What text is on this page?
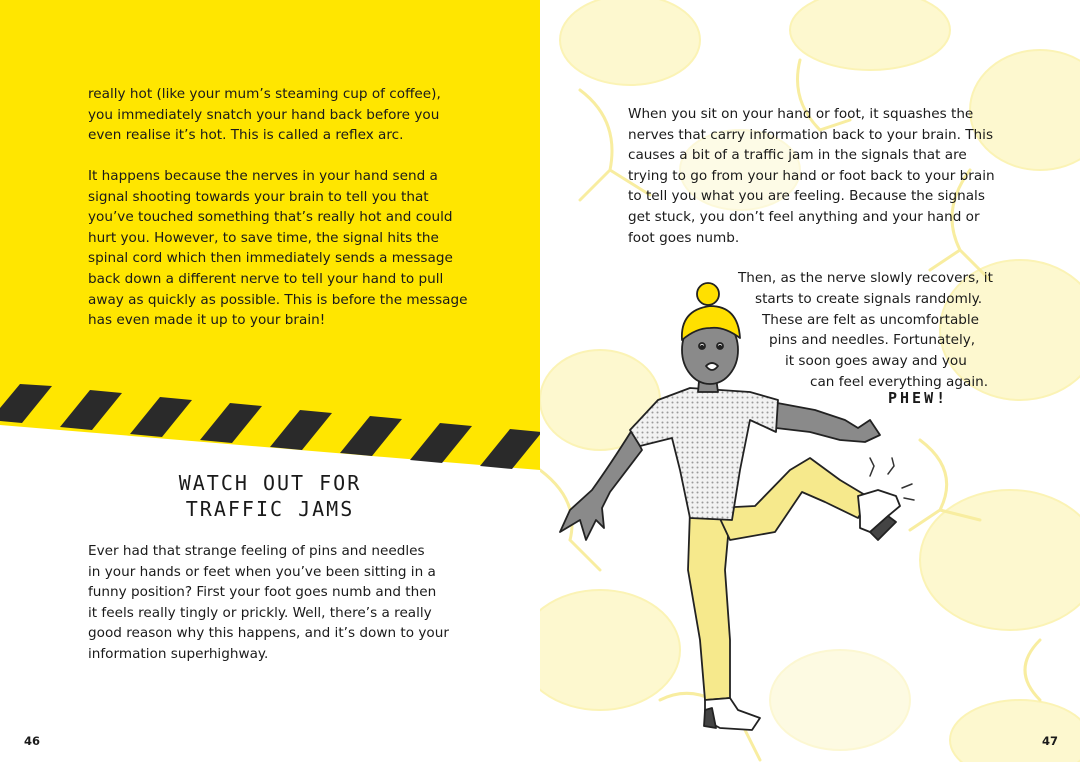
really hot (like your mum’s steaming cup of coffee),
you immediately snatch your hand back before you
even realise it’s hot. This is called a reflex arc.

It happens because the nerves in your hand send a
signal shooting towards your brain to tell you that
you’ve touched something that’s really hot and could
hurt you. However, to save time, the signal hits the
spinal cord which then immediately sends a message
back down a different nerve to tell your hand to pull
away as quickly as possible. This is before the message
has even made it up to your brain!

WATCH OUT FOR
TRAFFIC JAMS

Ever had that strange feeling of pins and needles
in your hands or feet when you’ve been sitting in a
funny position? First your foot goes numb and then
it feels really tingly or prickly. Well, there’s a really
good reason why this happens, and it’s down to your
information superhighway.

46

When you sit on your hand or foot, it squashes the
nerves that carry information back to your brain. This
causes a bit of a traffic jam in the signals that are
trying to go from your hand or foot back to your brain
to tell you what you are feeling. Because the signals
get stuck, you don’t feel anything and your hand or
foot goes numb.

Then, as the nerve slowly recovers, it
starts to create signals randomly.
These are felt as uncomfortable
pins and needles. Fortunately,
it soon goes away and you
can feel everything again.
47
PHEW!
